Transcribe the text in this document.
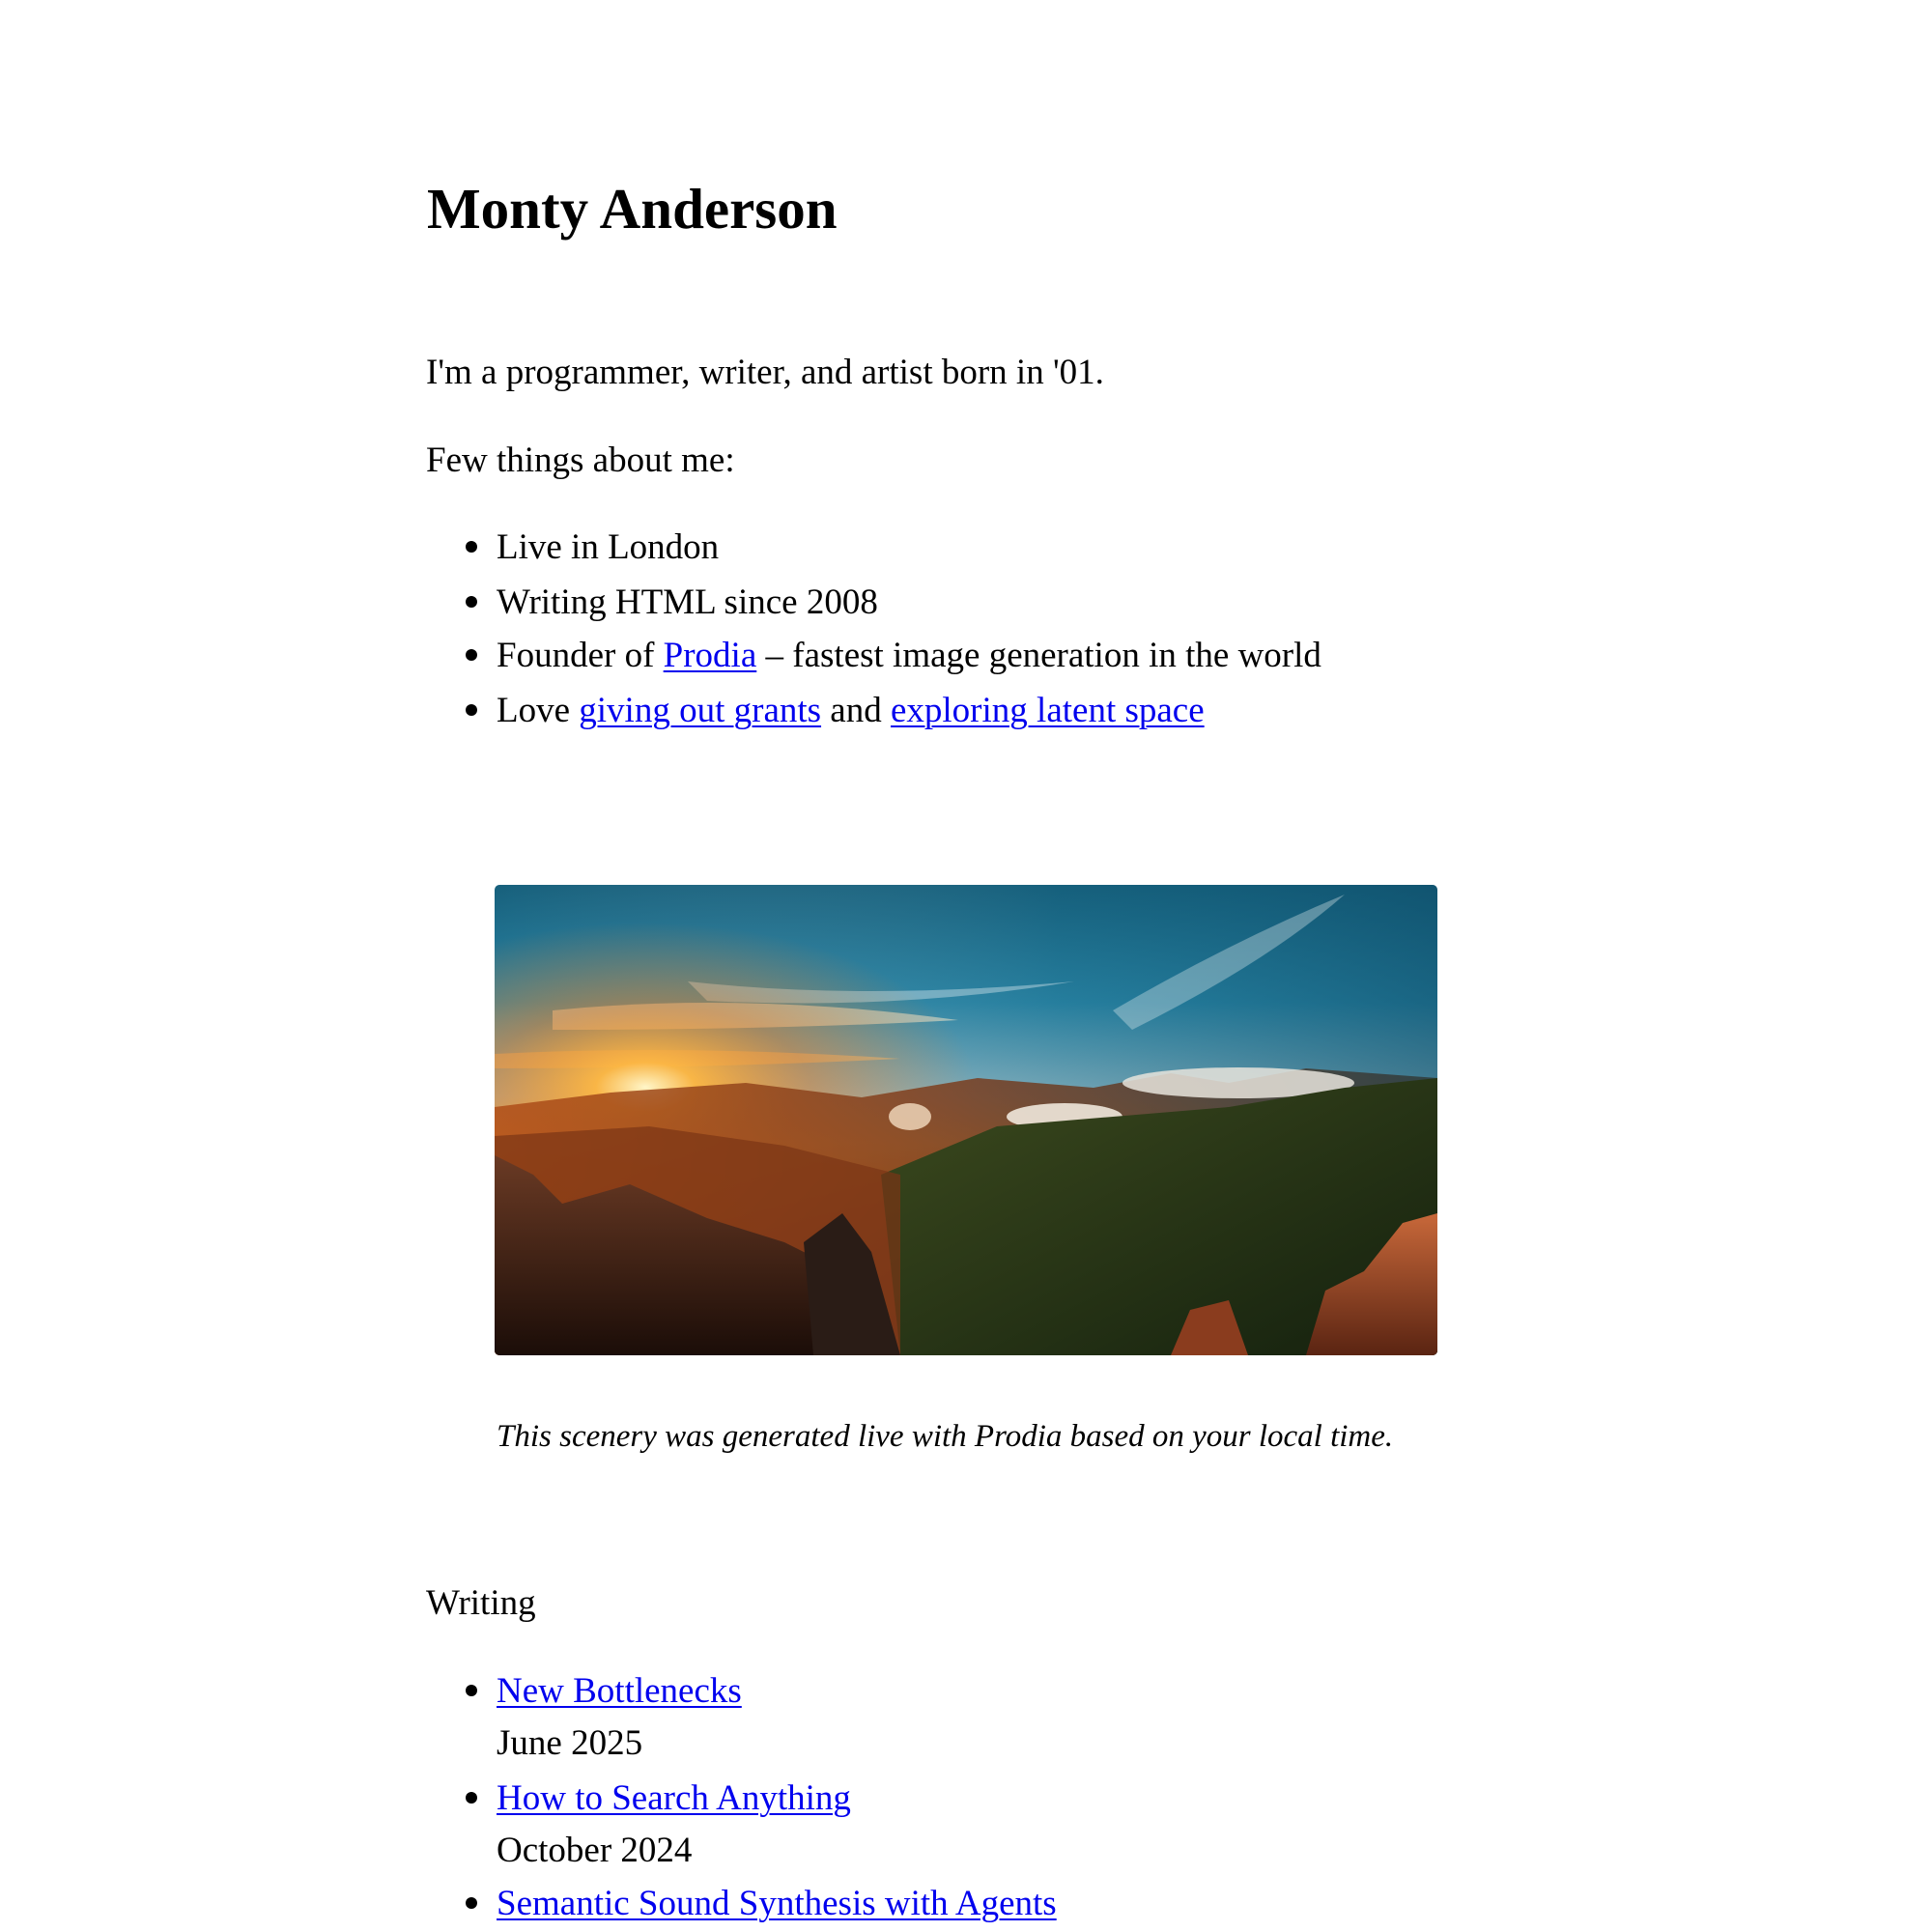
Monty Anderson

I'm a programmer, writer, and artist born in '01.

Few things about me:

Live in London
Writing HTML since 2008
Founder of Prodia – fastest image generation in the world
Love giving out grants and exploring latent space

This scenery was generated live with Prodia based on your local time.

Writing

New Bottlenecks
June 2025
How to Search Anything
October 2024
Semantic Sound Synthesis with Agents
